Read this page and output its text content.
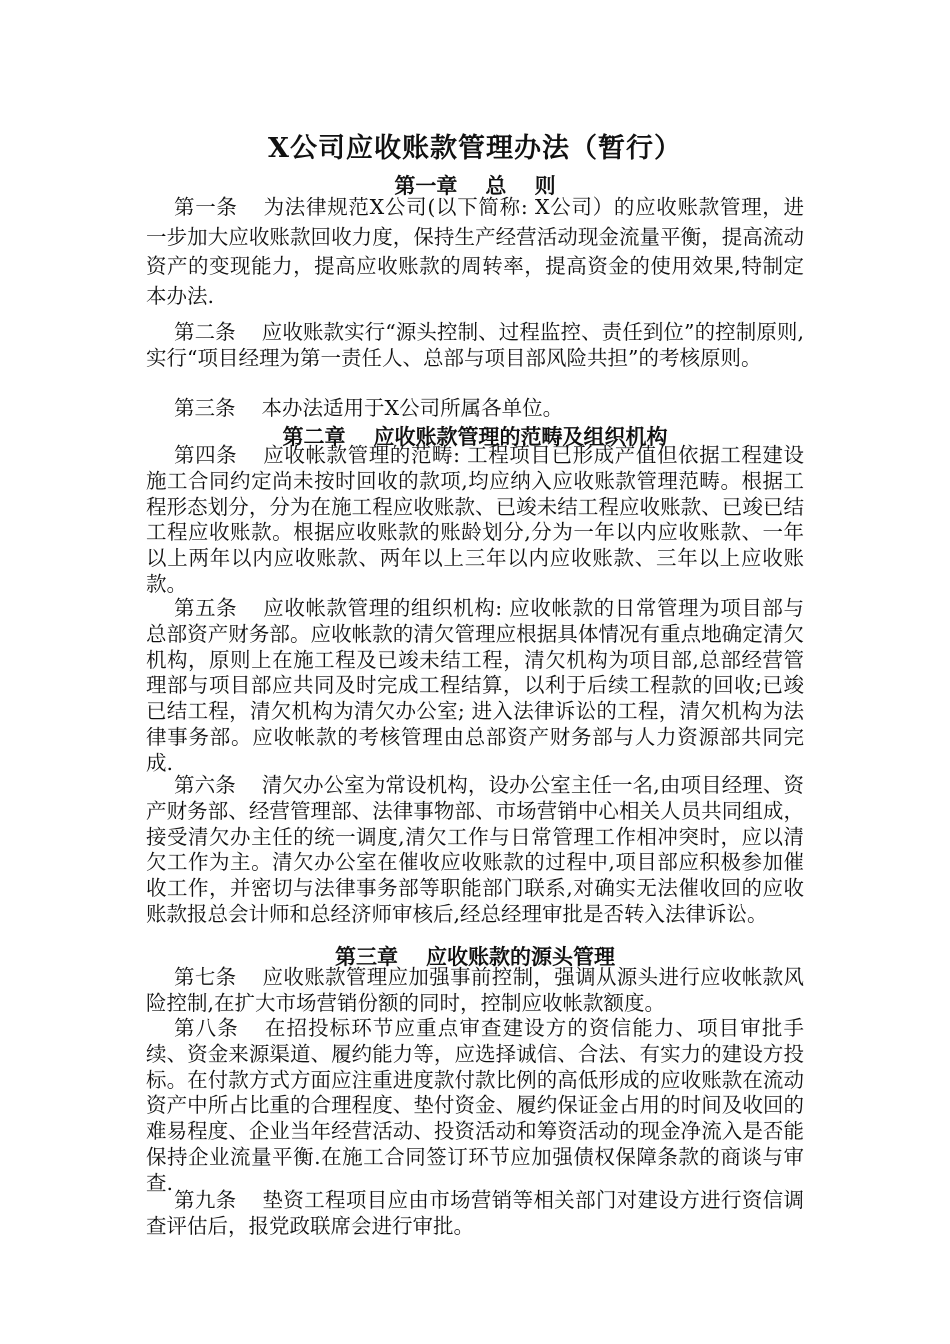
X公司应收账款管理办法（暂行）
第一章 总　 则
第一条 为法律规范X公司(以下简称: X公司）的应收账款管理，进一步加大应收账款回收力度，保持生产经营活动现金流量平衡，提高流动资产的变现能力，提高应收账款的周转率，提高资金的使用效果,特制定本办法.
第二条 应收账款实行“源头控制、过程监控、责任到位”的控制原则,实行“项目经理为第一责任人、总部与项目部风险共担”的考核原则。
第三条 本办法适用于X公司所属各单位。
第二章 应收账款管理的范畴及组织机构
第四条 应收帐款管理的范畴: 工程项目已形成产值但依据工程建设施工合同约定尚未按时回收的款项,均应纳入应收账款管理范畴。根据工程形态划分，分为在施工程应收账款、已竣未结工程应收账款、已竣已结工程应收账款。根据应收账款的账龄划分,分为一年以内应收账款、一年以上两年以内应收账款、两年以上三年以内应收账款、三年以上应收账款。
第五条 应收帐款管理的组织机构: 应收帐款的日常管理为项目部与总部资产财务部。应收帐款的清欠管理应根据具体情况有重点地确定清欠机构，原则上在施工程及已竣未结工程，清欠机构为项目部,总部经营管理部与项目部应共同及时完成工程结算，以利于后续工程款的回收;已竣已结工程，清欠机构为清欠办公室; 进入法律诉讼的工程，清欠机构为法律事务部。应收帐款的考核管理由总部资产财务部与人力资源部共同完成.
第六条 清欠办公室为常设机构，设办公室主任一名,由项目经理、资产财务部、经营管理部、法律事物部、市场营销中心相关人员共同组成，接受清欠办主任的统一调度,清欠工作与日常管理工作相冲突时，应以清欠工作为主。清欠办公室在催收应收账款的过程中,项目部应积极参加催收工作，并密切与法律事务部等职能部门联系,对确实无法催收回的应收账款报总会计师和总经济师审核后,经总经理审批是否转入法律诉讼。
第三章 应收账款的源头管理
第七条 应收账款管理应加强事前控制，强调从源头进行应收帐款风险控制,在扩大市场营销份额的同时，控制应收帐款额度。
第八条 在招投标环节应重点审查建设方的资信能力、项目审批手续、资金来源渠道、履约能力等，应选择诚信、合法、有实力的建设方投标。在付款方式方面应注重进度款付款比例的高低形成的应收账款在流动资产中所占比重的合理程度、垫付资金、履约保证金占用的时间及收回的难易程度、企业当年经营活动、投资活动和筹资活动的现金净流入是否能保持企业流量平衡.在施工合同签订环节应加强债权保障条款的商谈与审查.
第九条 垫资工程项目应由市场营销等相关部门对建设方进行资信调查评估后，报党政联席会进行审批。
